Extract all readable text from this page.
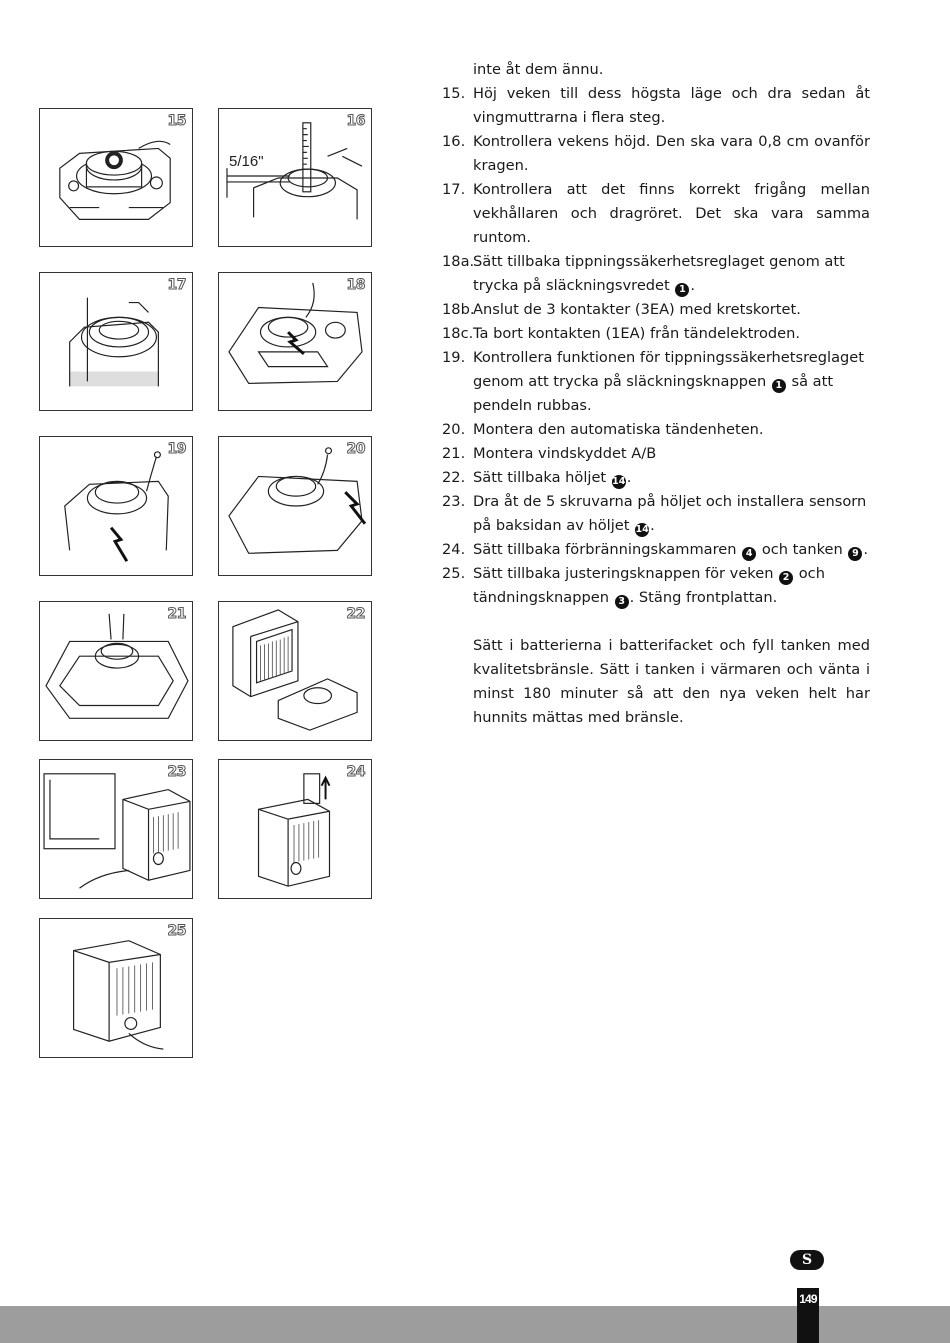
15
5/16"
16
17	18
19	20
21	22
23	24
25
inte åt dem ännu.
15. Höj veken till dess högsta läge och dra sedan åt vingmuttrarna i flera steg.
16. Kontrollera vekens höjd. Den ska vara 0,8 cm ovanför kragen.
17. Kontrollera att det finns korrekt frigång mellan vekhållaren och dragröret. Det ska vara samma runtom.
18a.
Sätt tillbaka tippningssäkerhetsreglaget genom att trycka på släckningsvredet 1 .
18b.
Anslut de 3 kontakter (3EA) med kretskortet.
18c. Ta bort kontakten (1EA) från tändelektroden.
19. Kontrollera funktionen för tippningssäkerhetsreglaget genom att trycka på släckningsknappen 1 så att pendeln rubbas.
20. Montera den automatiska tändenheten.
21. Montera vindskyddet A/B
22. Sätt tillbaka höljet 14.
23. Dra åt de 5 skruvarna på höljet och installera sensorn på baksidan av höljet 14.
24. Sätt tillbaka förbränningskammaren 4 och tanken 9 .
25. Sätt tillbaka justeringsknappen för veken 2 och tändningsknappen 3 . Stäng frontplattan.
Sätt i batterierna i batterifacket och fyll tanken med kvalitetsbränsle. Sätt i tanken i värmaren och vänta i minst 180 minuter så att den nya veken helt har hunnits mättas med bränsle.
S
149
